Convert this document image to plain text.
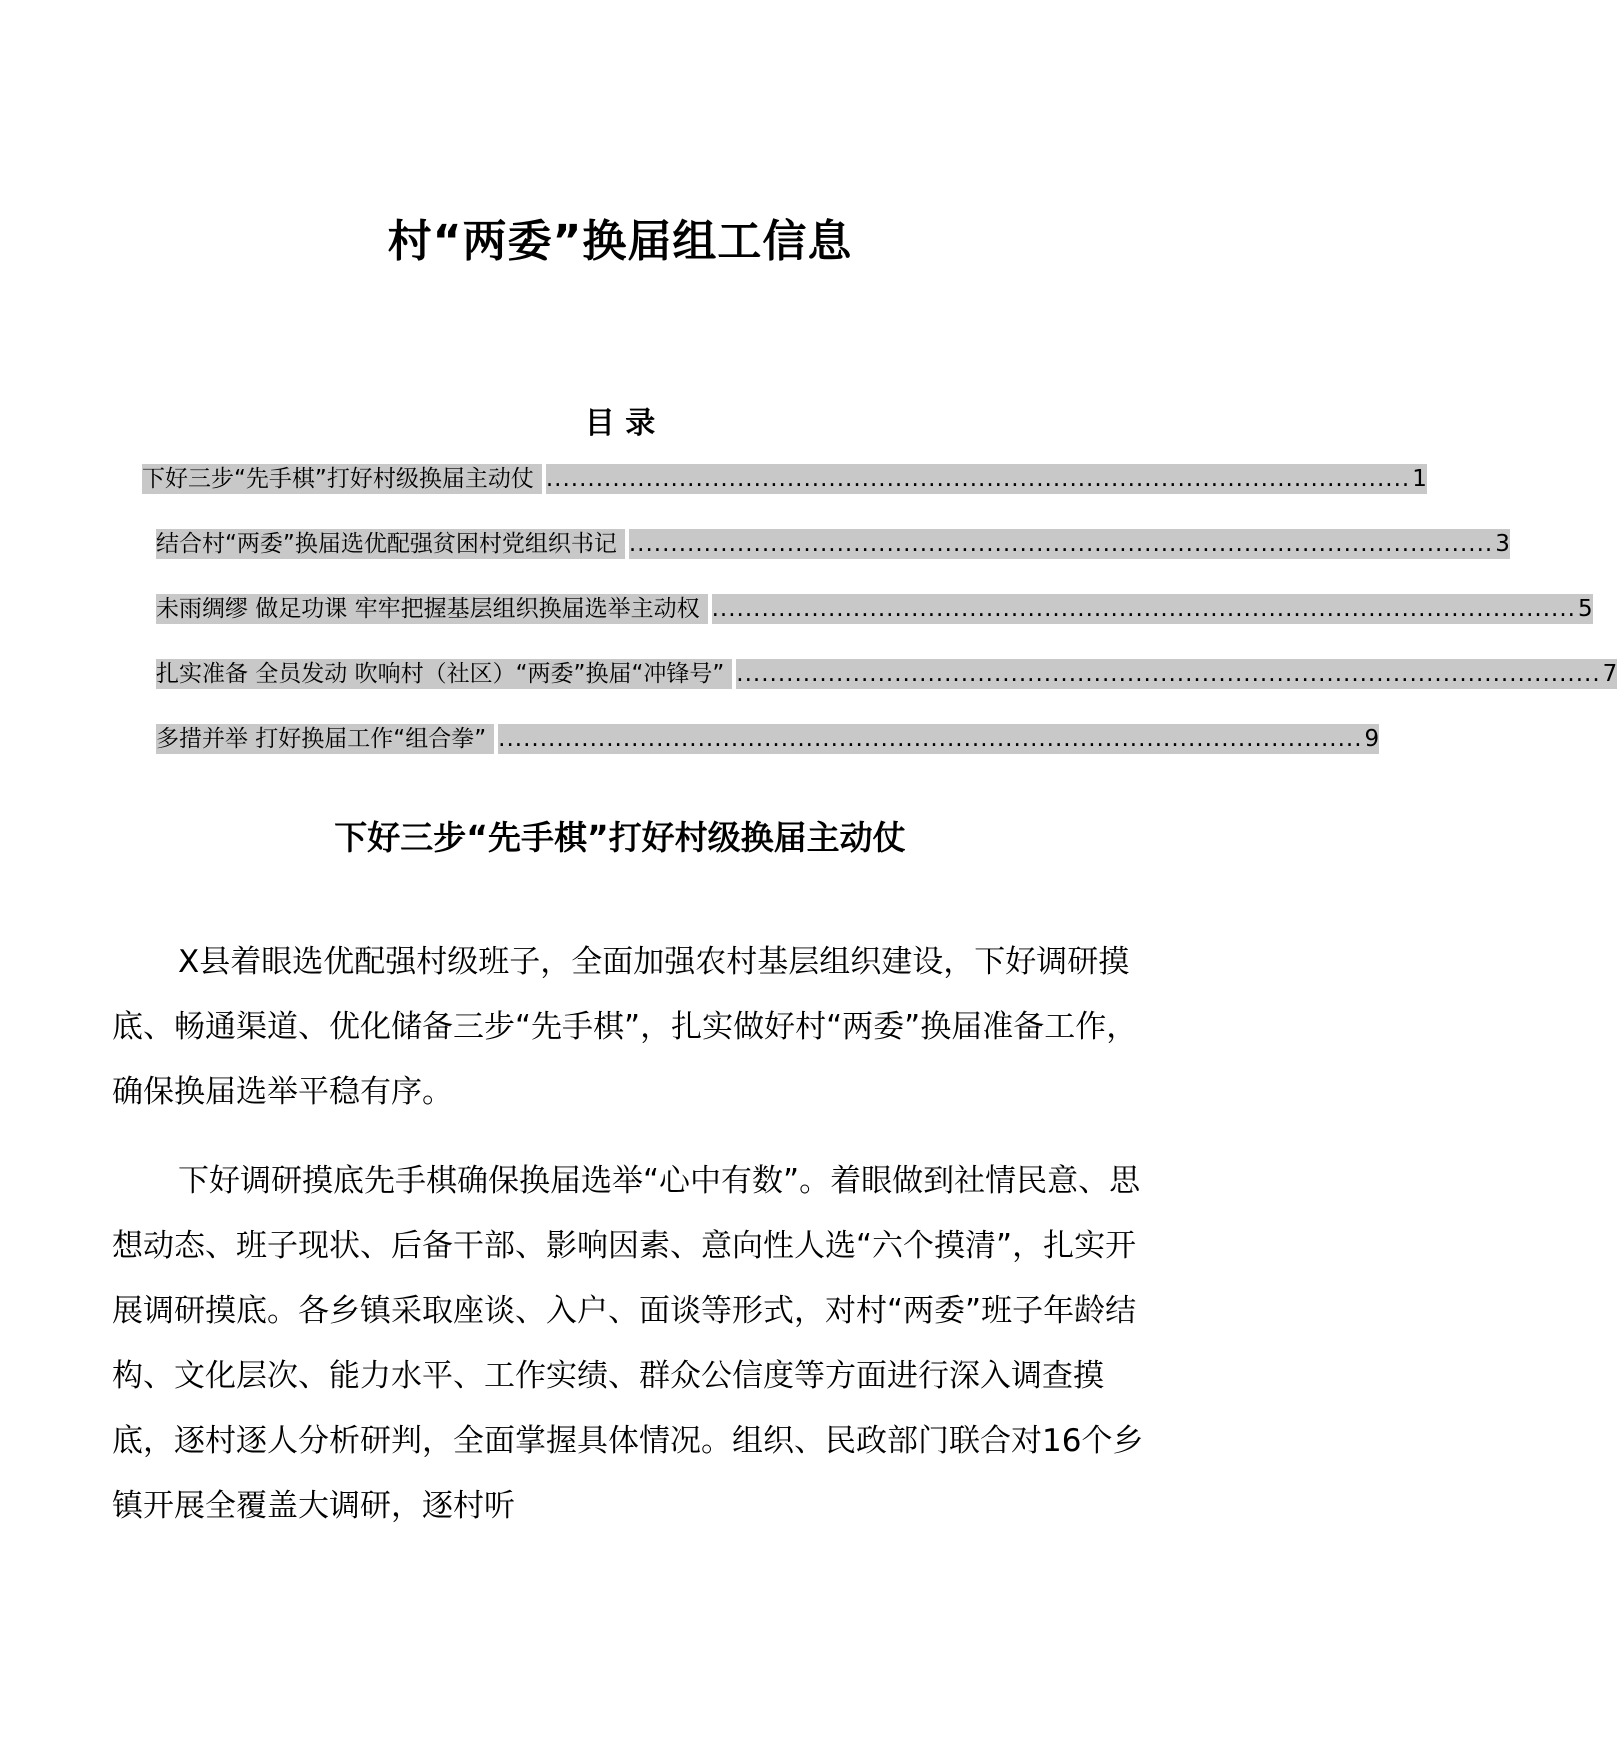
村“两委”换届组工信息
目 录
下好三步“先手棋”打好村级换届主动仗 ........................................................................................................ 1
结合村“两委”换届选优配强贫困村党组织书记 ........................................................................................................ 3
未雨绸缪 做足功课 牢牢把握基层组织换届选举主动权 ........................................................................................................ 5
扎实准备 全员发动 吹响村（社区）“两委”换届“冲锋号” ........................................................................................................ 7
多措并举 打好换届工作“组合拳” ........................................................................................................ 9
下好三步“先手棋”打好村级换届主动仗

X县着眼选优配强村级班子，全面加强农村基层组织建设，下好调研摸底、畅通渠道、优化储备三步“先手棋”，扎实做好村“两委”换届准备工作，确保换届选举平稳有序。

下好调研摸底先手棋确保换届选举“心中有数”。着眼做到社情民意、思想动态、班子现状、后备干部、影响因素、意向性人选“六个摸清”，扎实开展调研摸底。各乡镇采取座谈、入户、面谈等形式，对村“两委”班子年龄结构、文化层次、能力水平、工作实绩、群众公信度等方面进行深入调查摸底，逐村逐人分析研判，全面掌握具体情况。组织、民政部门联合对16个乡镇开展全覆盖大调研，逐村听
